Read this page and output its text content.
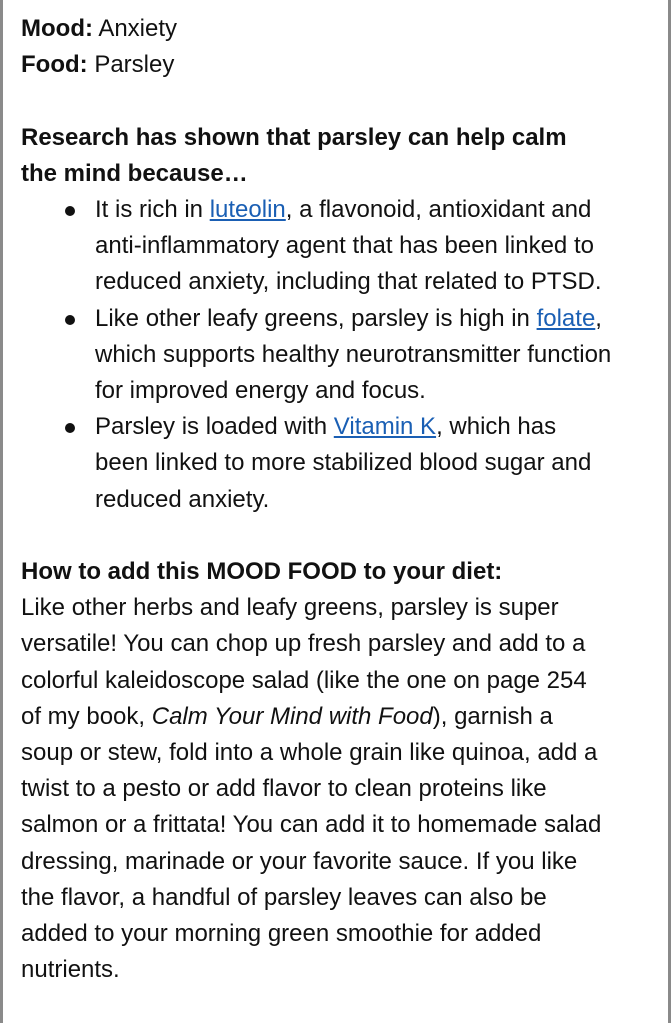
Mood: Anxiety

Food: Parsley

Research has shown that parsley can help calm

the mind because…

It is rich in luteolin, a flavonoid, antioxidant and
anti-inflammatory agent that has been linked to
reduced anxiety, including that related to PTSD.
Like other leafy greens, parsley is high in folate,
which supports healthy neurotransmitter function
for improved energy and focus.
Parsley is loaded with Vitamin K, which has
been linked to more stabilized blood sugar and
reduced anxiety.

How to add this MOOD FOOD to your diet:

Like other herbs and leafy greens, parsley is super

versatile! You can chop up fresh parsley and add to a

colorful kaleidoscope salad (like the one on page 254

of my book, Calm Your Mind with Food), garnish a

soup or stew, fold into a whole grain like quinoa, add a

twist to a pesto or add flavor to clean proteins like

salmon or a frittata! You can add it to homemade salad

dressing, marinade or your favorite sauce. If you like

the flavor, a handful of parsley leaves can also be

added to your morning green smoothie for added

nutrients.
